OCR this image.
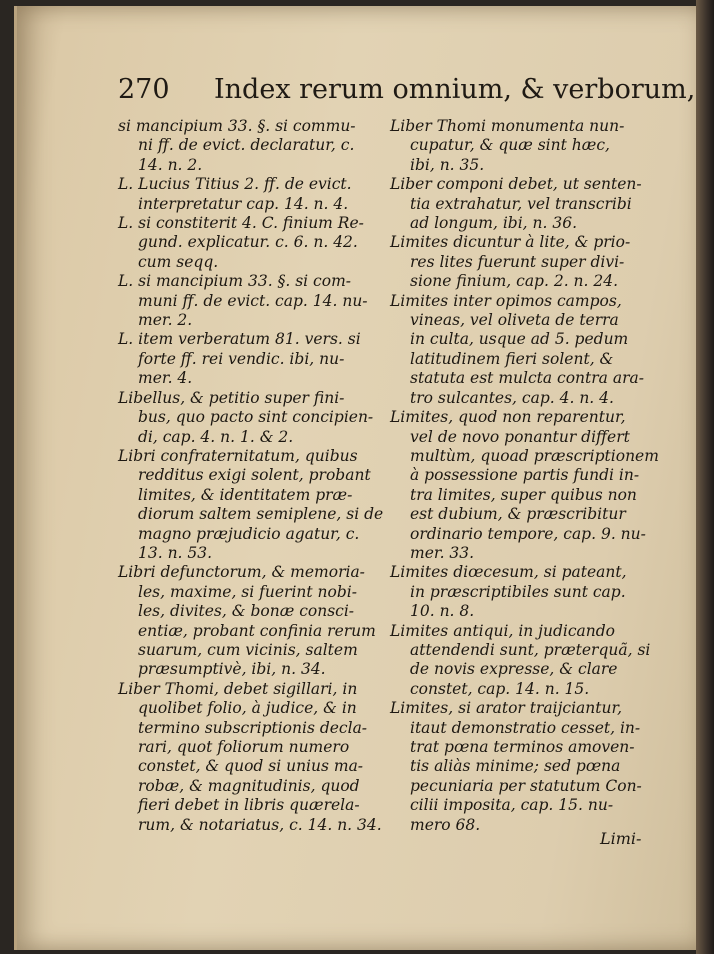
270 Index rerum omnium, & verborum,
si mancipium 33. §. si commu-
ni ff. de evict. declaratur, c.
14. n. 2.
L. Lucius Titius 2. ff. de evict.
interpretatur cap. 14. n. 4.
L. si constiterit 4. C. finium Re-
gund. explicatur. c. 6. n. 42.
cum seqq.
L. si mancipium 33. §. si com-
muni ff. de evict. cap. 14. nu-
mer. 2.
L. item verberatum 81. vers. si
forte ff. rei vendic. ibi, nu-
mer. 4.
Libellus, & petitio super fini-
bus, quo pacto sint concipien-
di, cap. 4. n. 1. & 2.
Libri confraternitatum, quibus
redditus exigi solent, probant
limites, & identitatem præ-
diorum saltem semiplene, si de
magno præjudicio agatur, c.
13. n. 53.
Libri defunctorum, & memoria-
les, maxime, si fuerint nobi-
les, divites, & bonæ consci-
entiæ, probant confinia rerum
suarum, cum vicinis, saltem
præsumptivè, ibi, n. 34.
Liber Thomi, debet sigillari, in
quolibet folio, à judice, & in
termino subscriptionis decla-
rari, quot foliorum numero
constet, & quod si unius ma-
robæ, & magnitudinis, quod
fieri debet in libris quærela-
rum, & notariatus, c. 14. n. 34.
Liber Thomi monumenta nun-
cupatur, & quæ sint hæc,
ibi, n. 35.
Liber componi debet, ut senten-
tia extrahatur, vel transcribi
ad longum, ibi, n. 36.
Limites dicuntur à lite, & prio-
res lites fuerunt super divi-
sione finium, cap. 2. n. 24.
Limites inter opimos campos,
vineas, vel oliveta de terra
in culta, usque ad 5. pedum
latitudinem fieri solent, &
statuta est mulcta contra ara-
tro sulcantes, cap. 4. n. 4.
Limites, quod non reparentur,
vel de novo ponantur differt
multùm, quoad præscriptionem
à possessione partis fundi in-
tra limites, super quibus non
est dubium, & præscribitur
ordinario tempore, cap. 9. nu-
mer. 33.
Limites diœcesum, si pateant,
in præscriptibiles sunt cap.
10. n. 8.
Limites antiqui, in judicando
attendendi sunt, præterquã, si
de novis expresse, & clare
constet, cap. 14. n. 15.
Limites, si arator traijciantur,
itaut demonstratio cesset, in-
trat pœna terminos amoven-
tis aliàs minime; sed pœna
pecuniaria per statutum Con-
cilii imposita, cap. 15. nu-
mero 68.
Limi-
